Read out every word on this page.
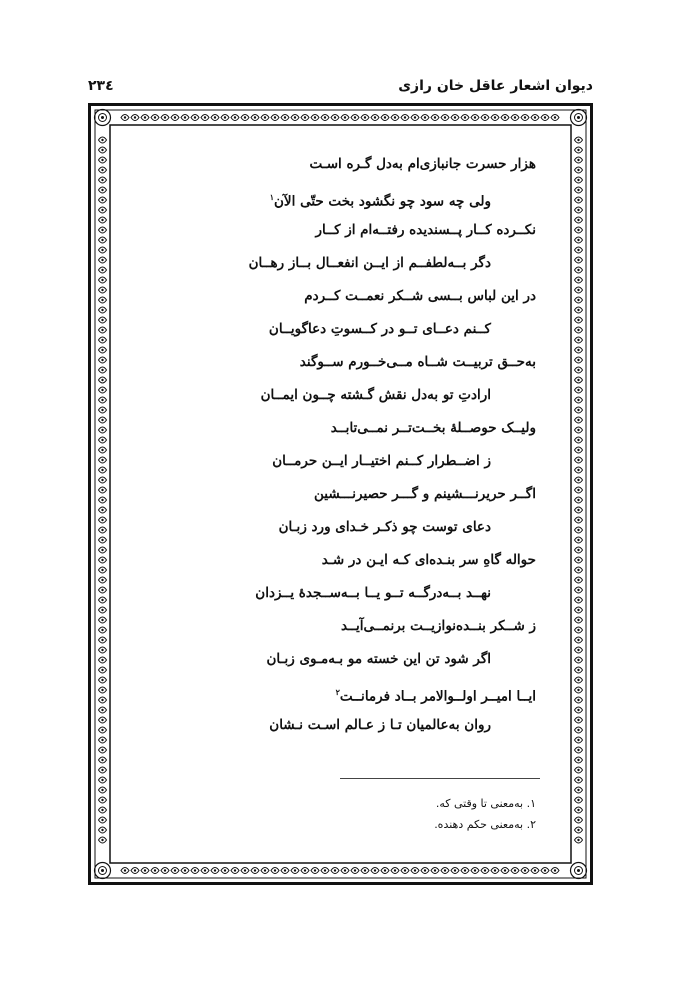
دیوان اشعار عاقل خان رازی
۲۳٤
هزار حسرت جانبازی‌ام به‌دل گـره اسـت
ولی چه سود چو نگشود بخت حتّی الآن$^۱$
نکــرده کــار پــسندیده رفتــه‌ام از کــار
دگر بــه‌لطفــم از ایــن انفعــال بــاز رهــان
در این لباس بــسی شــکر نعمــت کــردم
کــنم دعــای تــو در کــسوتِ دعاگویــان
به‌حــق تربیــت شــاه مــی‌خــورم ســوگند
ارادتِ تو به‌دل نقش گـشته چــون ایمــان
ولیــک حوصــلۀ بخــت‌تــر نمــی‌تابــد
ز اضــطرار کــنم اختیــار ایــن حرمــان
اگــر حریرنـــشینم و گـــر حصیرنـــشین
دعای توست چو ذکـر خـدای ورد زبـان
حواله گاهِ سر بنـده‌ای کـه ایـن در شـد
نهــد بــه‌درگــه تــو یــا بــه‌ســجدۀ یــزدان
ز شــکر بنــده‌نوازیــت برنمــی‌آیــد
اگر شود تن این خسته مو بـه‌مـوی زبـان
ایــا امیــر اولــوالامر بــاد فرمانــت$^۲$
روان به‌عالمیان تـا ز عـالم اسـت نـشان
۱. به‌معنی تا وقتی که.
۲. به‌معنی حکم دهنده.
